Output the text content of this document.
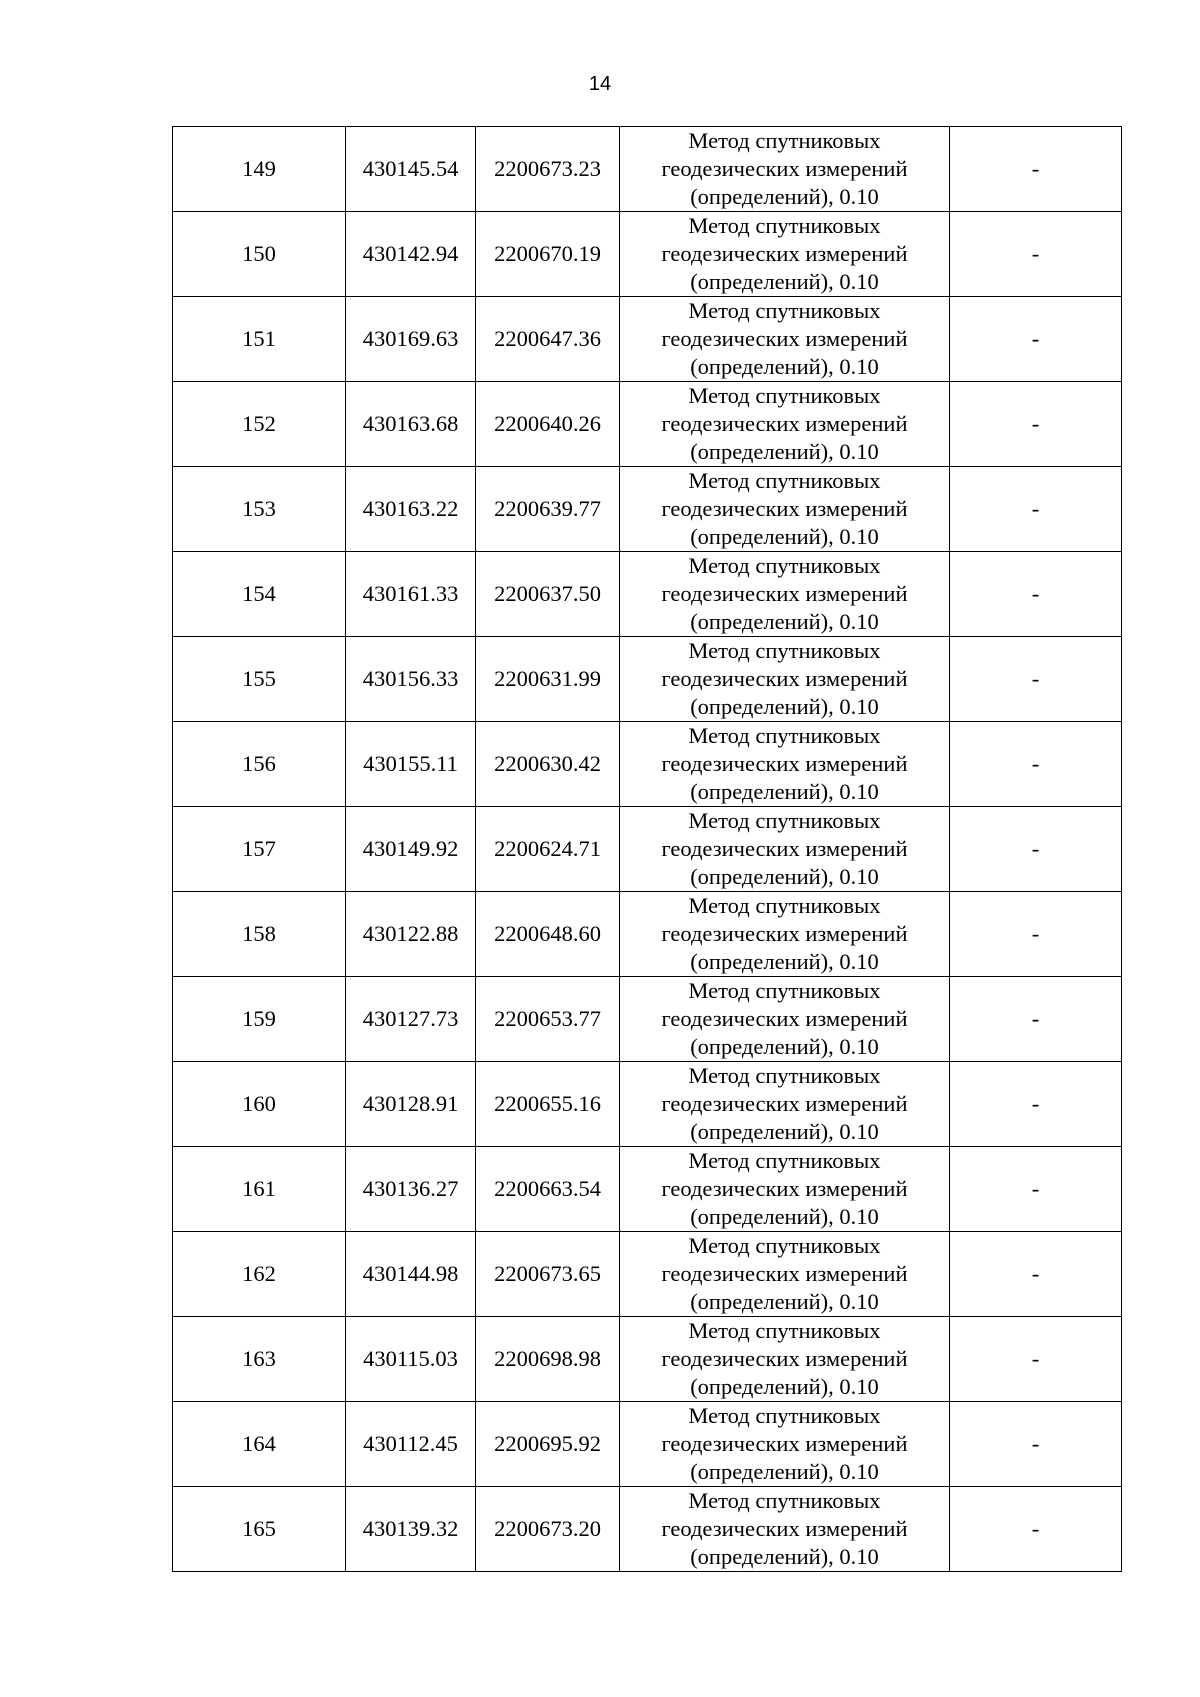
14
149	430145.54	2200673.23	Метод спутниковых
геодезических измерений
(определений), 0.10	-
150	430142.94	2200670.19	Метод спутниковых
геодезических измерений
(определений), 0.10	-
151	430169.63	2200647.36	Метод спутниковых
геодезических измерений
(определений), 0.10	-
152	430163.68	2200640.26	Метод спутниковых
геодезических измерений
(определений), 0.10	-
153	430163.22	2200639.77	Метод спутниковых
геодезических измерений
(определений), 0.10	-
154	430161.33	2200637.50	Метод спутниковых
геодезических измерений
(определений), 0.10	-
155	430156.33	2200631.99	Метод спутниковых
геодезических измерений
(определений), 0.10	-
156	430155.11	2200630.42	Метод спутниковых
геодезических измерений
(определений), 0.10	-
157	430149.92	2200624.71	Метод спутниковых
геодезических измерений
(определений), 0.10	-
158	430122.88	2200648.60	Метод спутниковых
геодезических измерений
(определений), 0.10	-
159	430127.73	2200653.77	Метод спутниковых
геодезических измерений
(определений), 0.10	-
160	430128.91	2200655.16	Метод спутниковых
геодезических измерений
(определений), 0.10	-
161	430136.27	2200663.54	Метод спутниковых
геодезических измерений
(определений), 0.10	-
162	430144.98	2200673.65	Метод спутниковых
геодезических измерений
(определений), 0.10	-
163	430115.03	2200698.98	Метод спутниковых
геодезических измерений
(определений), 0.10	-
164	430112.45	2200695.92	Метод спутниковых
геодезических измерений
(определений), 0.10	-
165	430139.32	2200673.20	Метод спутниковых
геодезических измерений
(определений), 0.10	-
